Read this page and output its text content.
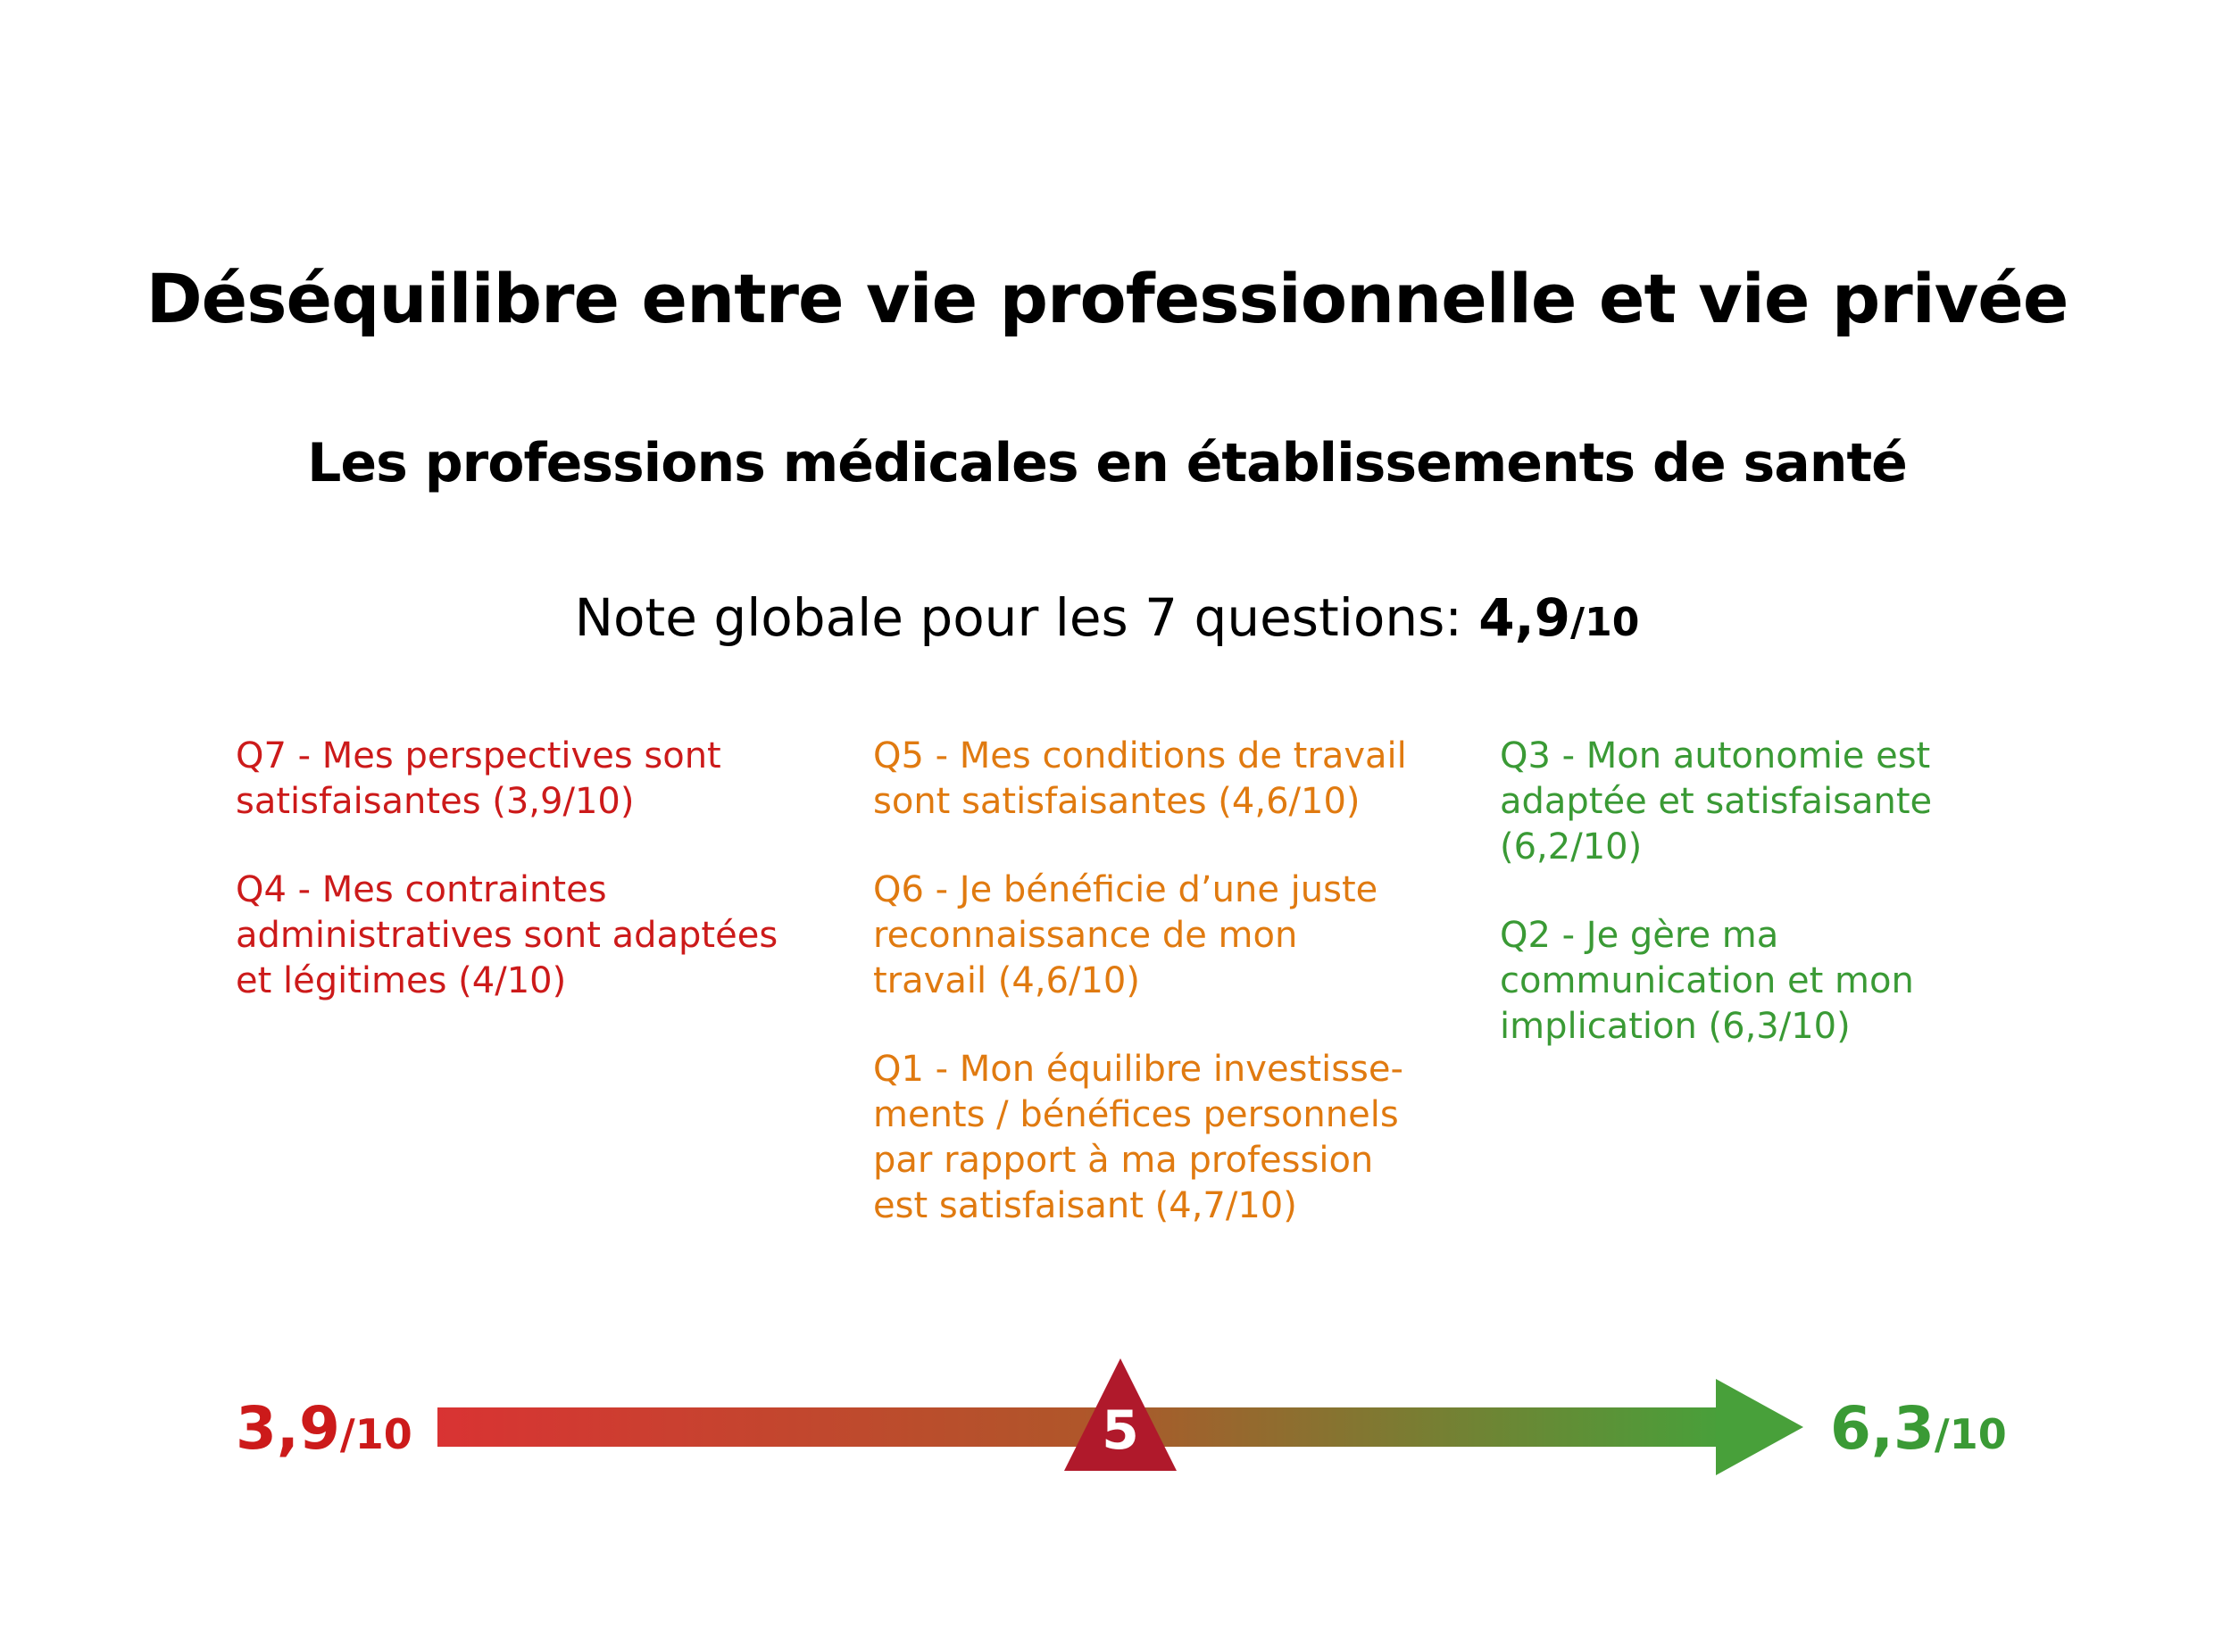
Déséquilibre entre vie professionnelle et vie privée
Les professions médicales en établissements de santé

Note globale pour les 7 questions: 4,9/10

Q7 - Mes perspectives sont satisfaisantes (3,9/10)

Q4 - Mes contraintes administratives sont adaptées et légitimes (4/10)

Q5 - Mes conditions de travail sont satisfaisantes (4,6/10)

Q6 - Je bénéficie d’une juste reconnaissance de mon travail (4,6/10)

Q1 - Mon équilibre investisse-ments / bénéfices personnels par rapport à ma profession est satisfaisant (4,7/10)

Q3 - Mon autonomie est adaptée et satisfaisante (6,2/10)

Q2 - Je gère ma communication et mon implication (6,3/10)

3,9/10	5	6,3/10
